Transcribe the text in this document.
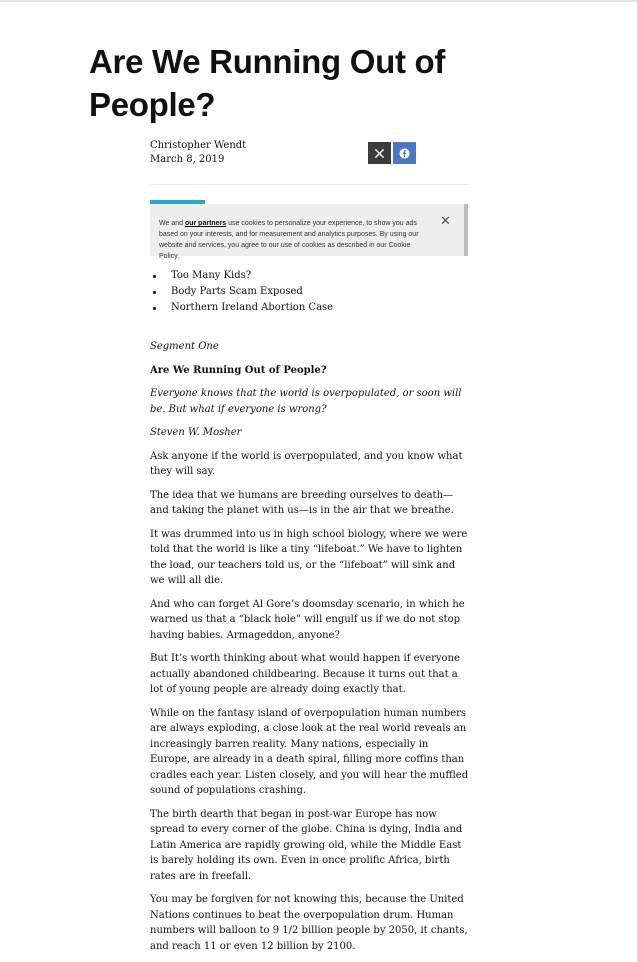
Are We Running Out of People?
Christopher Wendt
March 8, 2019
We and our partners use cookies to personalize your experience, to show you ads based on your interests, and for measurement and analytics purposes. By using our website and services, you agree to our use of cookies as described in our Cookie Policy.
✕
Too Many Kids?
Body Parts Scam Exposed
Northern Ireland Abortion Case

Segment One

Are We Running Out of People?

Everyone knows that the world is overpopulated, or soon will be. But what if everyone is wrong?

Steven W. Mosher

Ask anyone if the world is overpopulated, and you know what they will say.

The idea that we humans are breeding ourselves to death—and taking the planet with us—is in the air that we breathe.

It was drummed into us in high school biology, where we were told that the world is like a tiny “lifeboat.” We have to lighten the load, our teachers told us, or the “lifeboat” will sink and we will all die.

And who can forget Al Gore’s doomsday scenario, in which he warned us that a “black hole” will engulf us if we do not stop having babies. Armageddon, anyone?

But It’s worth thinking about what would happen if everyone actually abandoned childbearing. Because it turns out that a lot of young people are already doing exactly that.

While on the fantasy island of overpopulation human numbers are always exploding, a close look at the real world reveals an increasingly barren reality. Many nations, especially in Europe, are already in a death spiral, filling more coffins than cradles each year. Listen closely, and you will hear the muffled sound of populations crashing.

The birth dearth that began in post-war Europe has now spread to every corner of the globe. China is dying, India and Latin America are rapidly growing old, while the Middle East is barely holding its own. Even in once prolific Africa, birth rates are in freefall.

You may be forgiven for not knowing this, because the United Nations continues to beat the overpopulation drum. Human numbers will balloon to 9 1/2 billion people by 2050, it chants, and reach 11 or even 12 billion by 2100.
